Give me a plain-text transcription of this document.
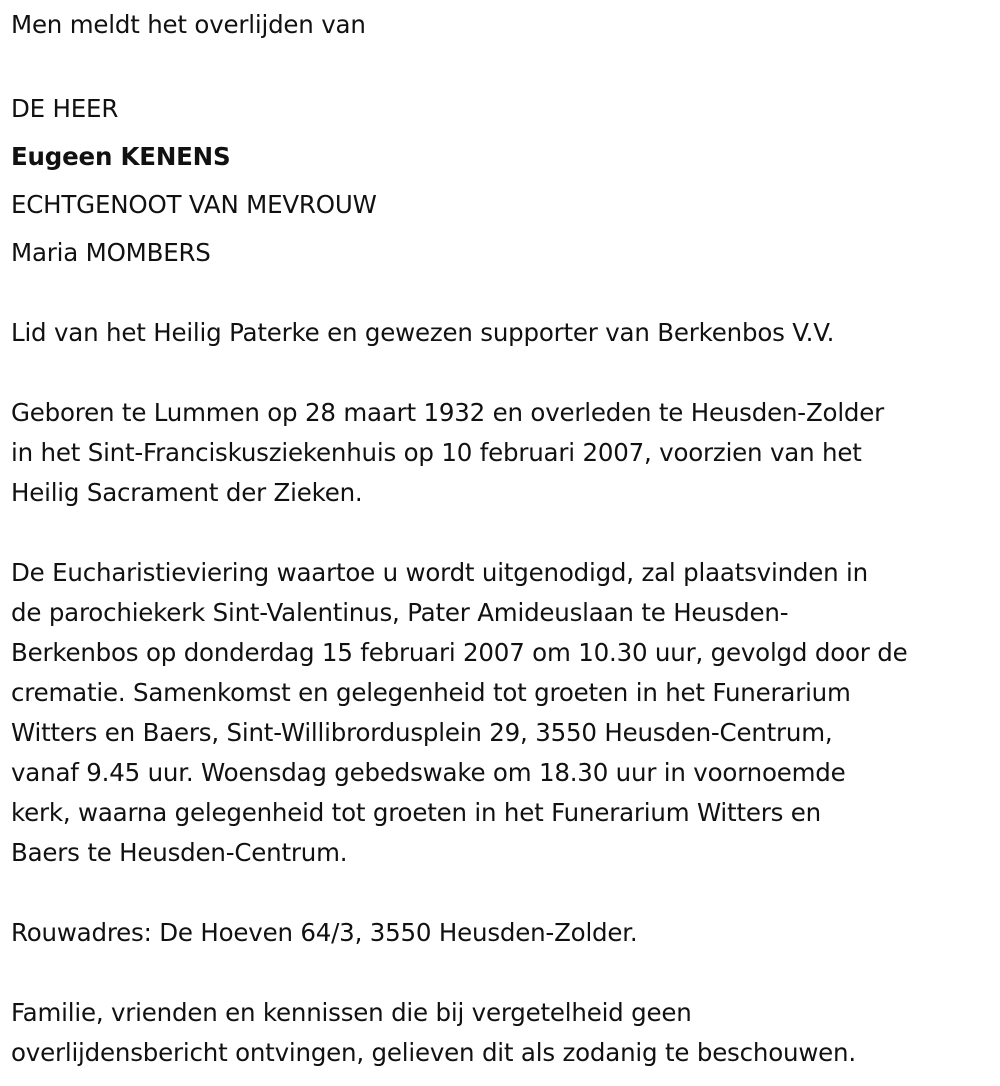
Men meldt het overlijden van
DE HEER
Eugeen KENENS
ECHTGENOOT VAN MEVROUW
Maria MOMBERS
Lid van het Heilig Paterke en gewezen supporter van Berkenbos V.V.
Geboren te Lummen op 28 maart 1932 en overleden te Heusden-Zolder
in het Sint-Franciskusziekenhuis op 10 februari 2007, voorzien van het
Heilig Sacrament der Zieken.
De Eucharistieviering waartoe u wordt uitgenodigd, zal plaatsvinden in
de parochiekerk Sint-Valentinus, Pater Amideuslaan te Heusden-
Berkenbos op donderdag 15 februari 2007 om 10.30 uur, gevolgd door de
crematie. Samenkomst en gelegenheid tot groeten in het Funerarium
Witters en Baers, Sint-Willibrordusplein 29, 3550 Heusden-Centrum,
vanaf 9.45 uur. Woensdag gebedswake om 18.30 uur in voornoemde
kerk, waarna gelegenheid tot groeten in het Funerarium Witters en
Baers te Heusden-Centrum.
Rouwadres: De Hoeven 64/3, 3550 Heusden-Zolder.
Familie, vrienden en kennissen die bij vergetelheid geen
overlijdensbericht ontvingen, gelieven dit als zodanig te beschouwen.
